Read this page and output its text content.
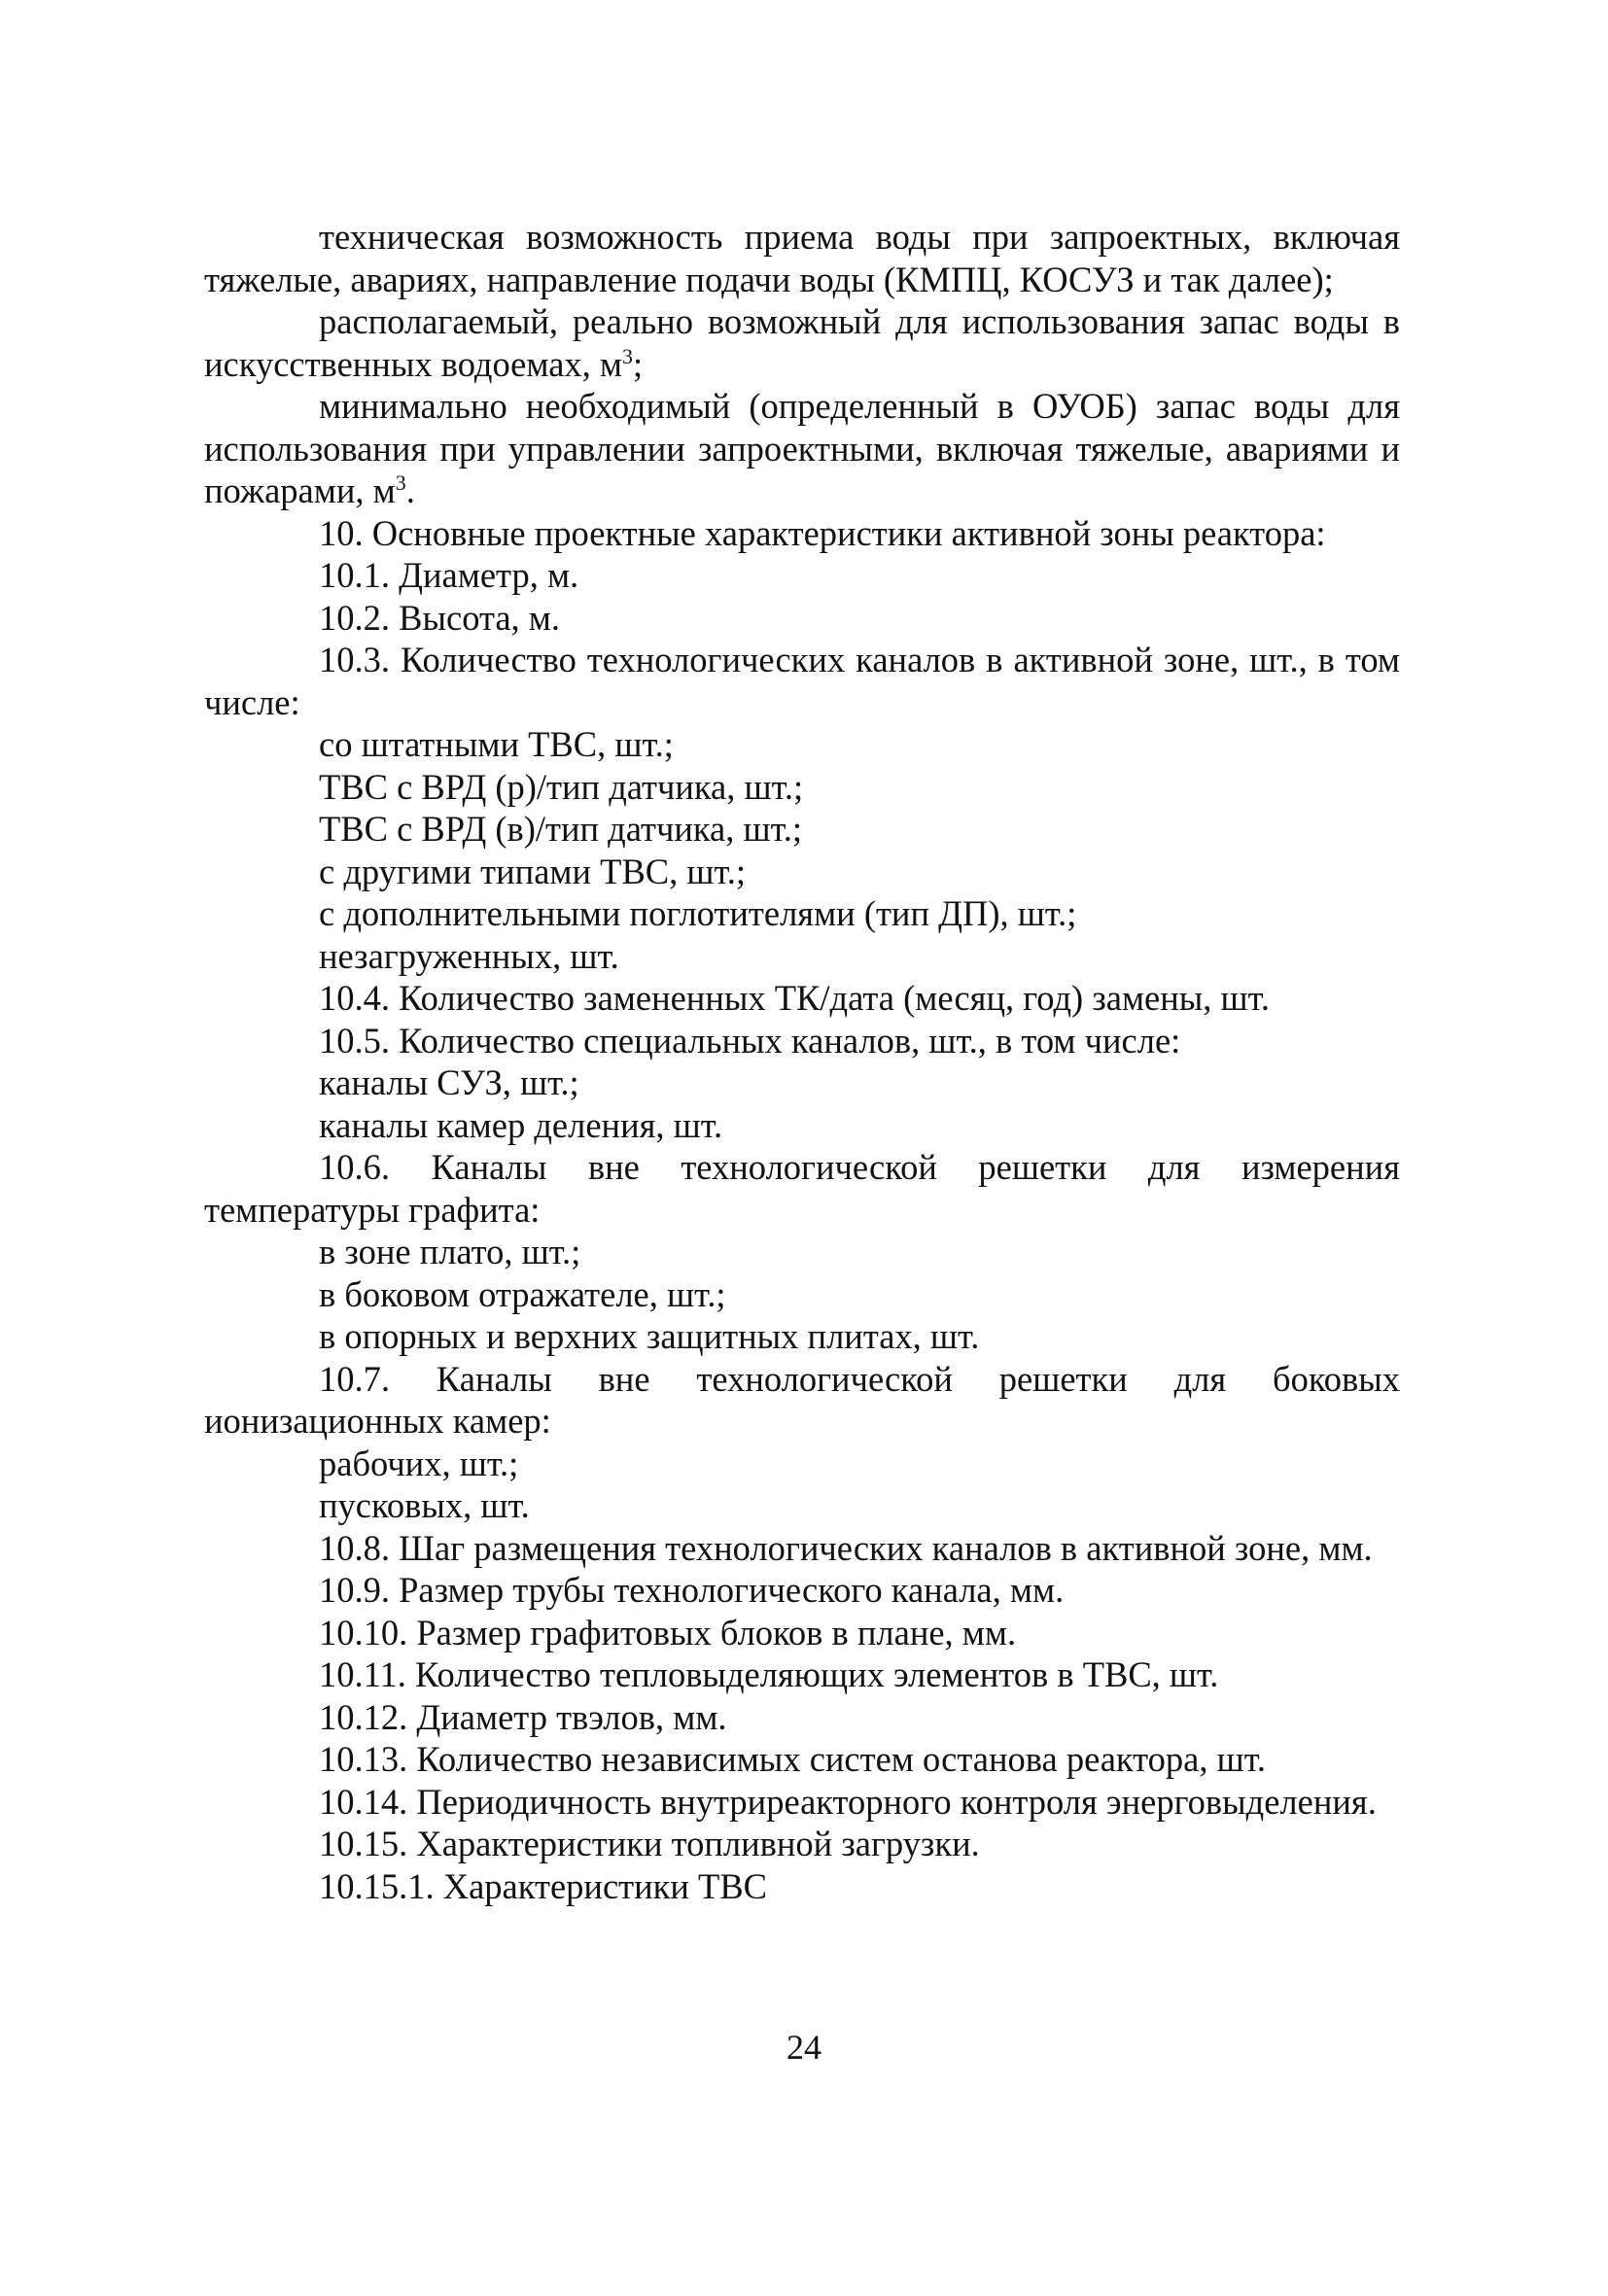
техническая возможность приема воды при запроектных, включая тяжелые, авариях, направление подачи воды (КМПЦ, КОСУЗ и так далее);

располагаемый, реально возможный для использования запас воды в искусственных водоемах, $м^3$;

минимально необходимый (определенный в ОУОБ) запас воды для использования при управлении запроектными, включая тяжелые, авариями и пожарами, $м^3$.

10. Основные проектные характеристики активной зоны реактора:

10.1. Диаметр, м.

10.2. Высота, м.

10.3. Количество технологических каналов в активной зоне, шт., в том числе:

со штатными ТВС, шт.;

ТВС с ВРД (р)/тип датчика, шт.;

ТВС с ВРД (в)/тип датчика, шт.;

с другими типами ТВС, шт.;

с дополнительными поглотителями (тип ДП), шт.;

незагруженных, шт.

10.4. Количество замененных ТК/дата (месяц, год) замены, шт.

10.5. Количество специальных каналов, шт., в том числе:

каналы СУЗ, шт.;

каналы камер деления, шт.

10.6. Каналы вне технологической решетки для измерения температуры графита:

в зоне плато, шт.;

в боковом отражателе, шт.;

в опорных и верхних защитных плитах, шт.

10.7. Каналы вне технологической решетки для боковых ионизационных камер:

рабочих, шт.;

пусковых, шт.

10.8. Шаг размещения технологических каналов в активной зоне, мм.

10.9. Размер трубы технологического канала, мм.

10.10. Размер графитовых блоков в плане, мм.

10.11. Количество тепловыделяющих элементов в ТВС, шт.

10.12. Диаметр твэлов, мм.

10.13. Количество независимых систем останова реактора, шт.

10.14. Периодичность внутриреакторного контроля энерговыделения.

10.15. Характеристики топливной загрузки.

10.15.1. Характеристики ТВС

24
